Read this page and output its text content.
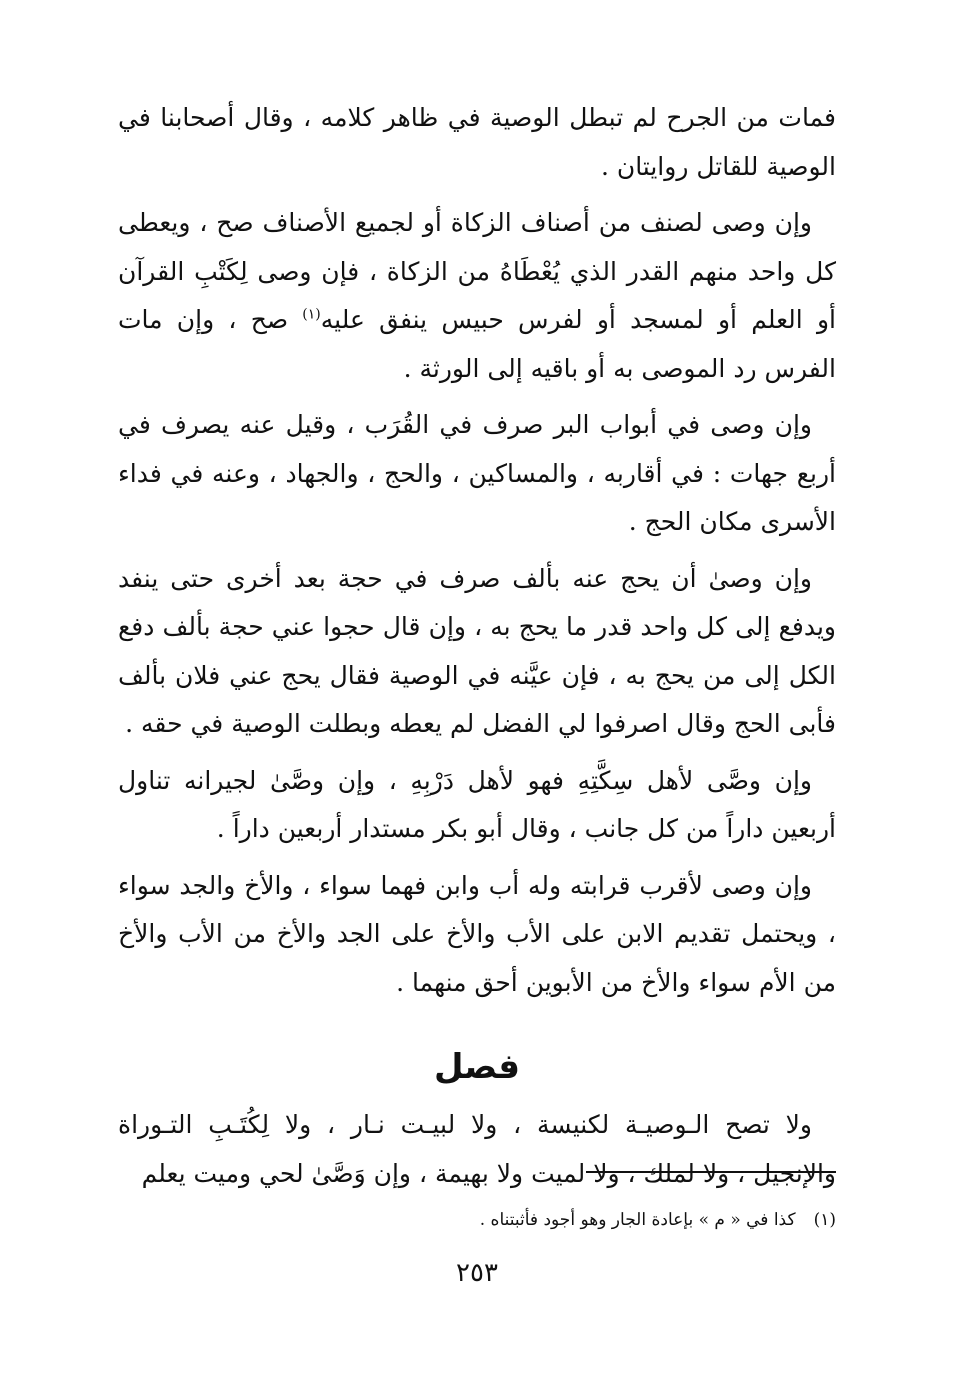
فمات من الجرح لم تبطل الوصية في ظاهر كلامه ، وقال أصحابنا في الوصية للقاتل روايتان .

وإن وصى لصنف من أصناف الزكاة أو لجميع الأصناف صح ، ويعطى كل واحد منهم القدر الذي يُعْطَاهُ من الزكاة ، فإن وصى لِكَتْبِ القرآن أو العلم أو لمسجد أو لفرس حبيس ينفق عليه$^{(١)}$ صح ، وإن مات الفرس رد الموصى به أو باقيه إلى الورثة .

وإن وصى في أبواب البر صرف في القُرَب ، وقيل عنه يصرف في أربع جهات : في أقاربه ، والمساكين ، والحج ، والجهاد ، وعنه في فداء الأسرى مكان الحج .

وإن وصىٰ أن يحج عنه بألف صرف في حجة بعد أخرى حتى ينفد ويدفع إلى كل واحد قدر ما يحج به ، وإن قال حجوا عني حجة بألف دفع الكل إلى من يحج به ، فإن عيَّنه في الوصية فقال يحج عني فلان بألف فأبى الحج وقال اصرفوا لي الفضل لم يعطه وبطلت الوصية في حقه .

وإن وصَّى لأهل سِكَّتِهِ فهو لأهل دَرْبِهِ ، وإن وصَّىٰ لجيرانه تناول أربعين داراً من كل جانب ، وقال أبو بكر مستدار أربعين داراً .

وإن وصى لأقرب قرابته وله أب وابن فهما سواء ، والأخ والجد سواء ، ويحتمل تقديم الابن على الأب والأخ على الجد والأخ من الأب والأخ من الأم سواء والأخ من الأبوين أحق منهما .

فصل

ولا تصح الـوصيـة لكنيسة ، ولا لبيـت نـار ، ولا لِكُتَـبِ التـوراة والإنجيل ، ولا لملك ، ولا لميت ولا بهيمة ، وإن وَصَّىٰ لحي وميت يعلم

(١)كذا في « م » بإعادة الجار وهو أجود فأثبتناه .
٢٥٣
